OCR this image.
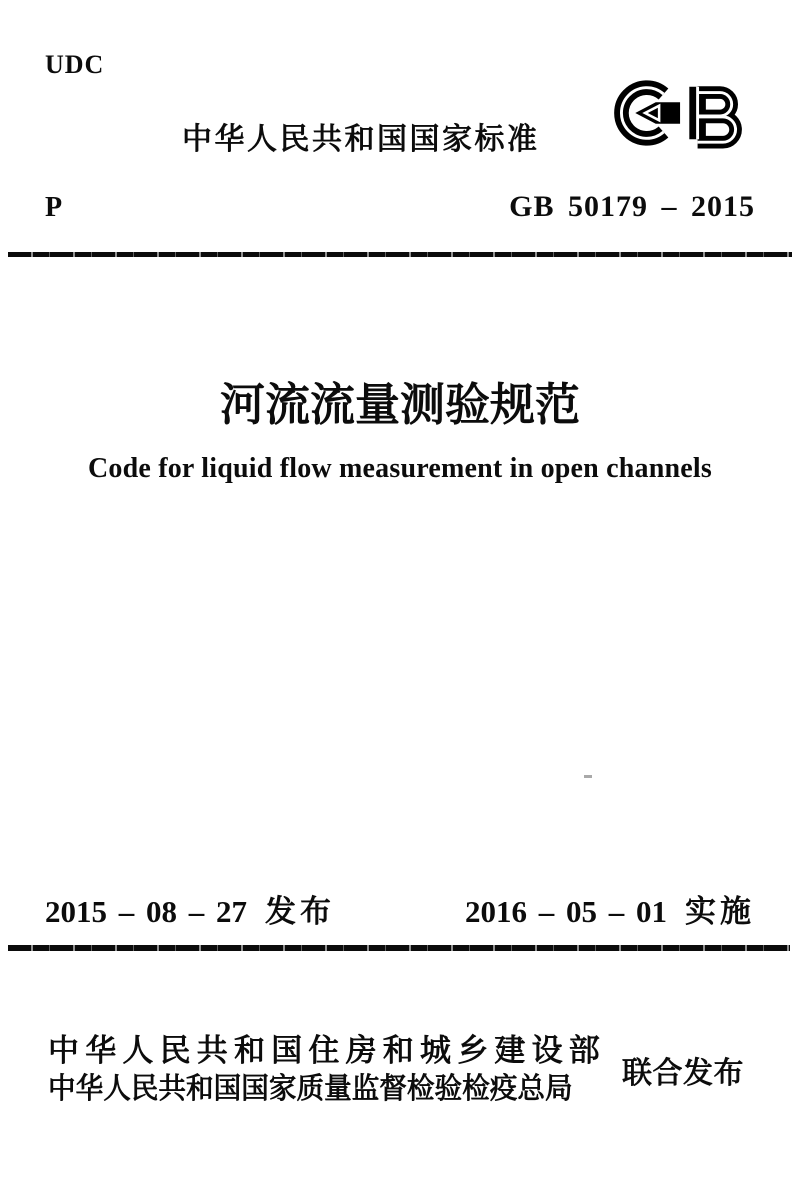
UDC
中华人民共和国国家标准
P	GB 50179 – 2015
河流流量测验规范
Code for liquid flow measurement in open channels
2015 – 08 – 27 发布	2016 – 05 – 01 实施
中华人民共和国住房和城乡建设部
中华人民共和国国家质量监督检验检疫总局	联合发布
